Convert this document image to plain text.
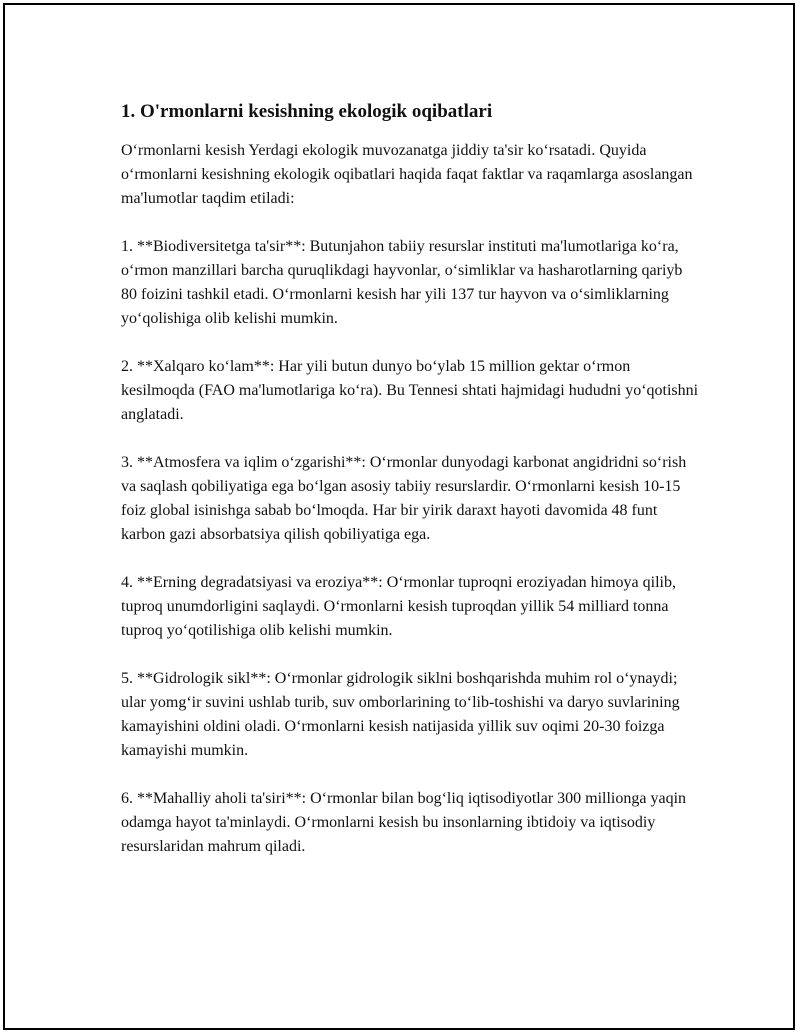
1. O'rmonlarni kesishning ekologik oqibatlari

O‘rmonlarni kesish Yerdagi ekologik muvozanatga jiddiy ta'sir ko‘rsatadi. Quyida o‘rmonlarni kesishning ekologik oqibatlari haqida faqat faktlar va raqamlarga asoslangan ma'lumotlar taqdim etiladi:

1. **Biodiversitetga ta'sir**: Butunjahon tabiiy resurslar instituti ma'lumotlariga ko‘ra, o‘rmon manzillari barcha quruqlikdagi hayvonlar, o‘simliklar va hasharotlarning qariyb 80 foizini tashkil etadi. O‘rmonlarni kesish har yili 137 tur hayvon va o‘simliklarning yo‘qolishiga olib kelishi mumkin.

2. **Xalqaro ko‘lam**: Har yili butun dunyo bo‘ylab 15 million gektar o‘rmon kesilmoqda (FAO ma'lumotlariga ko‘ra). Bu Tennesi shtati hajmidagi hududni yo‘qotishni anglatadi.

3. **Atmosfera va iqlim o‘zgarishi**: O‘rmonlar dunyodagi karbonat angidridni so‘rish va saqlash qobiliyatiga ega bo‘lgan asosiy tabiiy resurslardir. O‘rmonlarni kesish 10-15 foiz global isinishga sabab bo‘lmoqda. Har bir yirik daraxt hayoti davomida 48 funt karbon gazi absorbatsiya qilish qobiliyatiga ega.

4. **Erning degradatsiyasi va eroziya**: O‘rmonlar tuproqni eroziyadan himoya qilib, tuproq unumdorligini saqlaydi. O‘rmonlarni kesish tuproqdan yillik 54 milliard tonna tuproq yo‘qotilishiga olib kelishi mumkin.

5. **Gidrologik sikl**: O‘rmonlar gidrologik siklni boshqarishda muhim rol o‘ynaydi; ular yomg‘ir suvini ushlab turib, suv omborlarining to‘lib-toshishi va daryo suvlarining kamayishini oldini oladi. O‘rmonlarni kesish natijasida yillik suv oqimi 20-30 foizga kamayishi mumkin.

6. **Mahalliy aholi ta'siri**: O‘rmonlar bilan bog‘liq iqtisodiyotlar 300 millionga yaqin odamga hayot ta'minlaydi. O‘rmonlarni kesish bu insonlarning ibtidoiy va iqtisodiy resurslaridan mahrum qiladi.
